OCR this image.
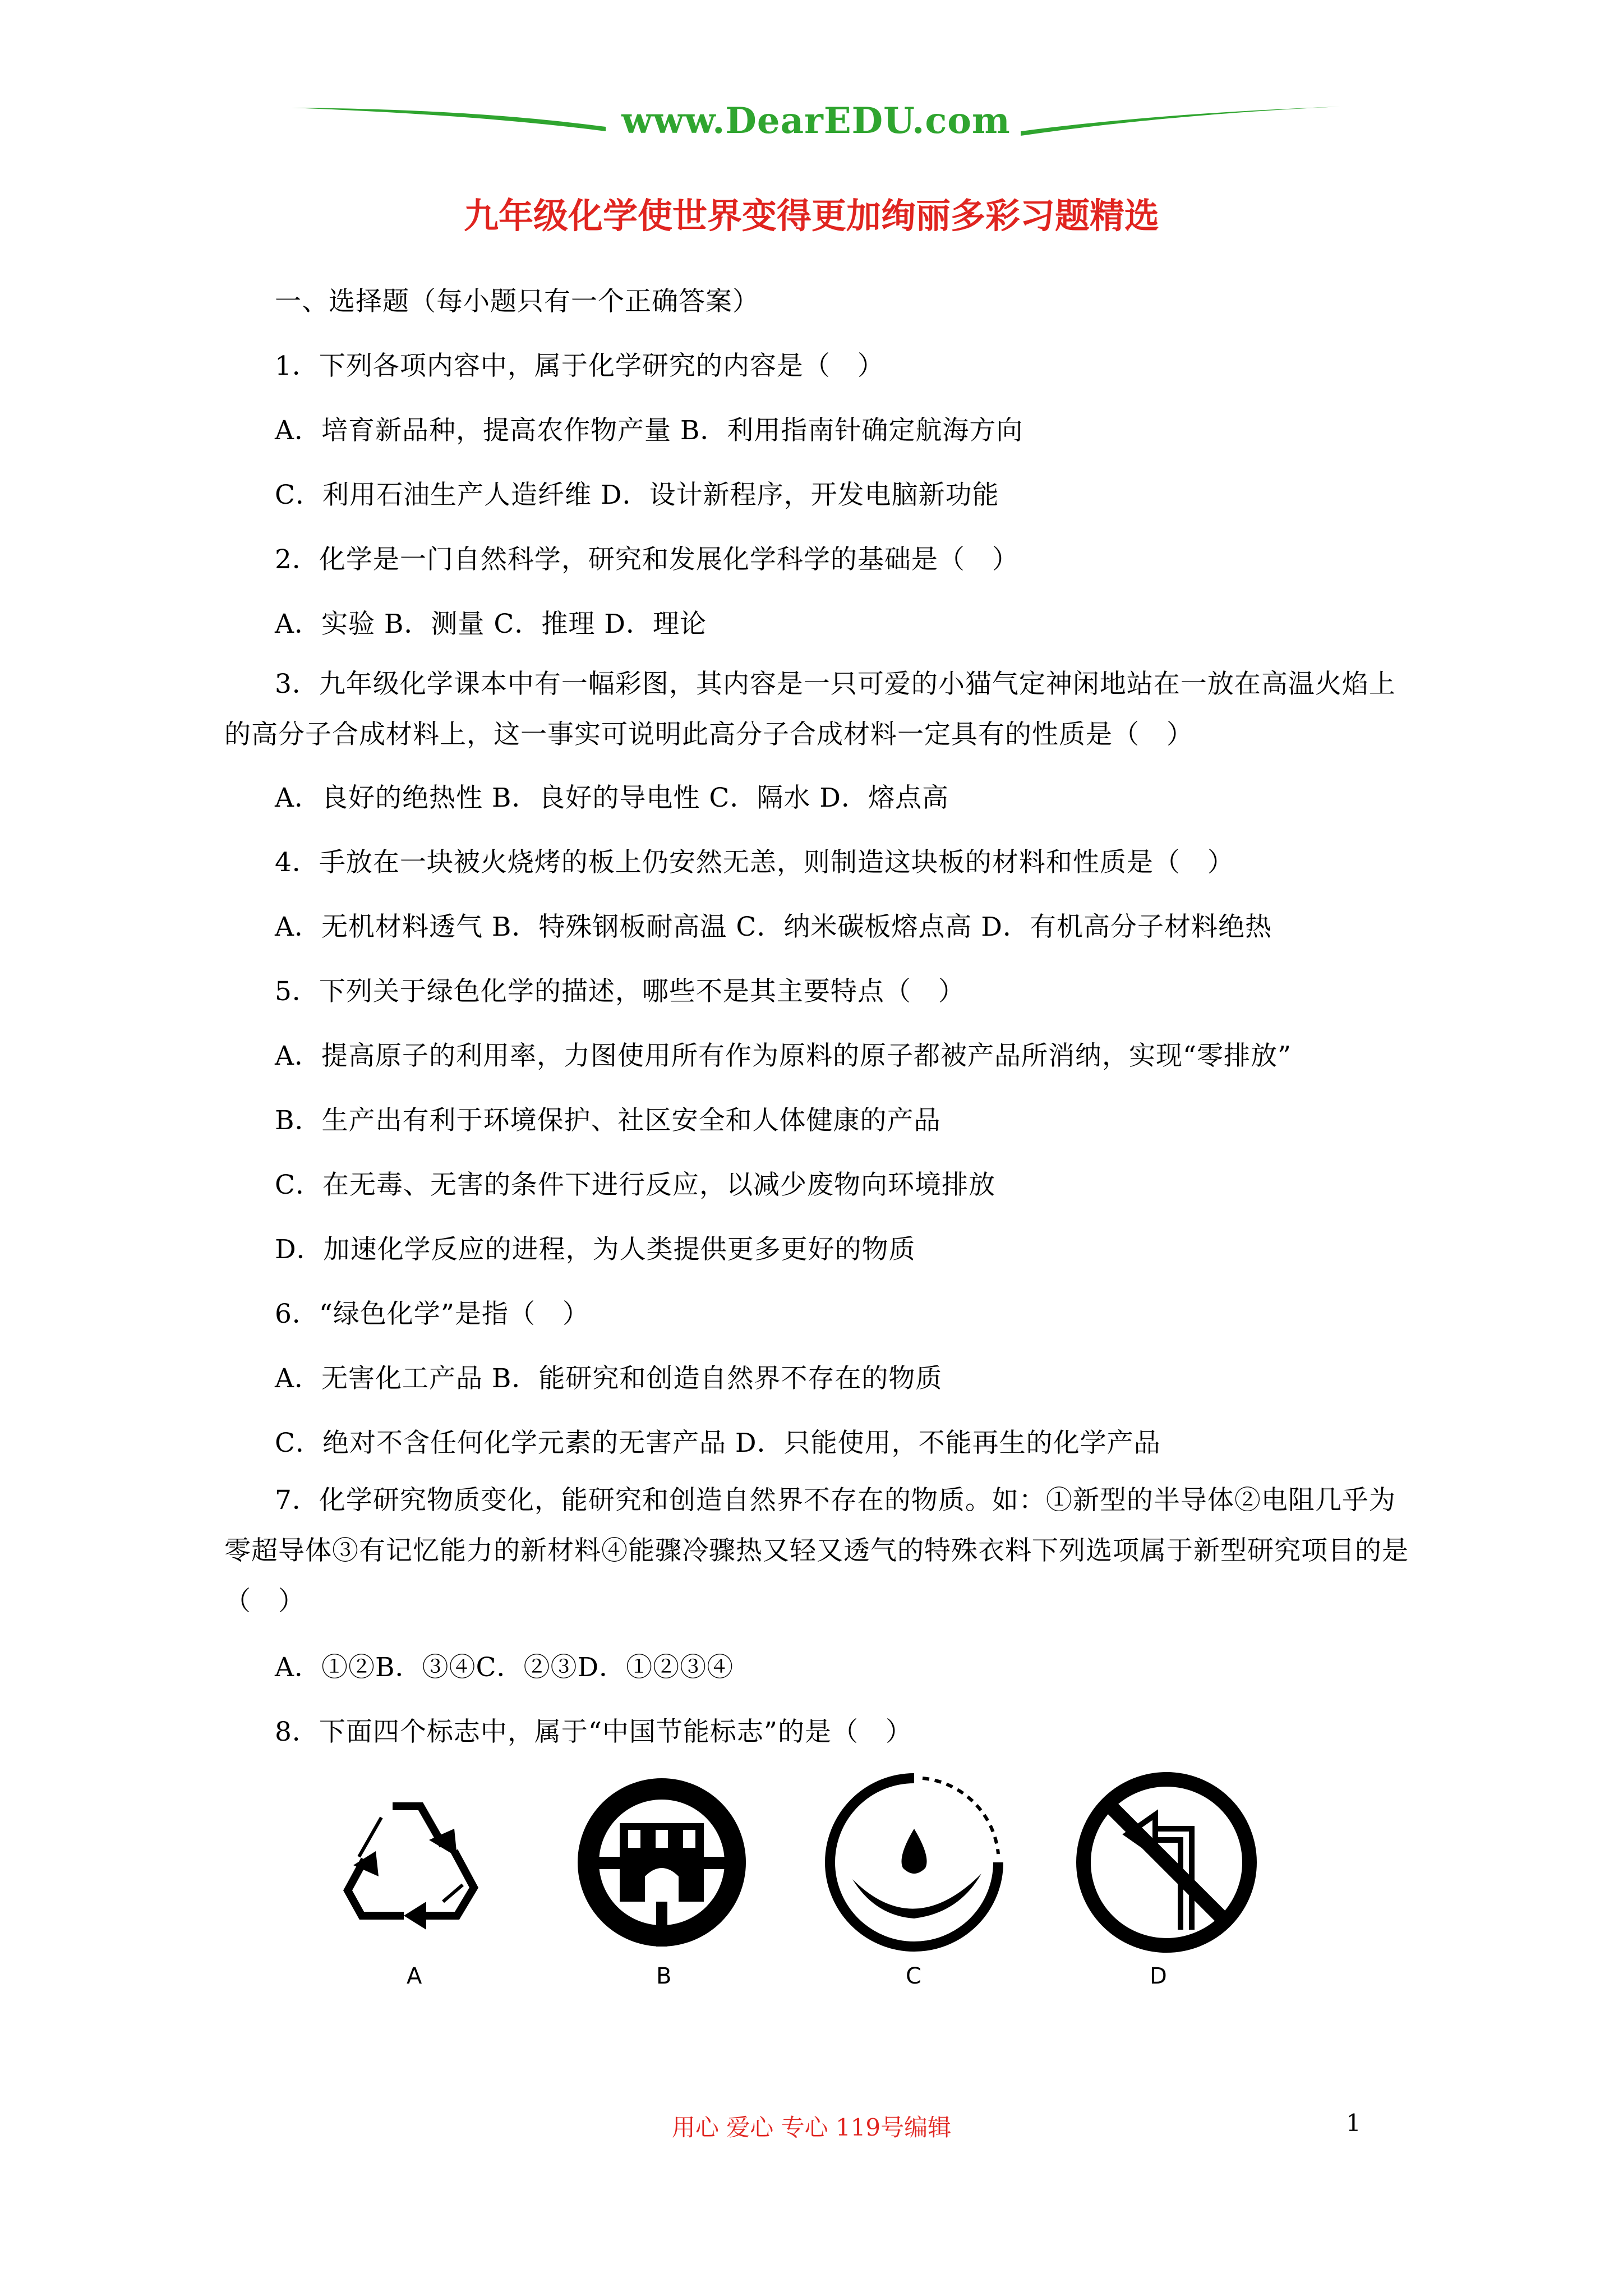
www.DearEDU.com
九年级化学使世界变得更加绚丽多彩习题精选
一、选择题（每小题只有一个正确答案）
1．下列各项内容中，属于化学研究的内容是（　）
A．培育新品种，提高农作物产量 B．利用指南针确定航海方向
C．利用石油生产人造纤维 D．设计新程序，开发电脑新功能
2．化学是一门自然科学，研究和发展化学科学的基础是（　）
A．实验 B．测量 C．推理 D．理论
3．九年级化学课本中有一幅彩图，其内容是一只可爱的小猫气定神闲地站在一放在高温火焰上的高分子合成材料上，这一事实可说明此高分子合成材料一定具有的性质是（　）
A．良好的绝热性 B．良好的导电性 C．隔水 D．熔点高
4．手放在一块被火烧烤的板上仍安然无恙，则制造这块板的材料和性质是（　）
A．无机材料透气 B．特殊钢板耐高温 C．纳米碳板熔点高 D．有机高分子材料绝热
5．下列关于绿色化学的描述，哪些不是其主要特点（　）
A．提高原子的利用率，力图使用所有作为原料的原子都被产品所消纳，实现“零排放”
B．生产出有利于环境保护、社区安全和人体健康的产品
C．在无毒、无害的条件下进行反应，以减少废物向环境排放
D．加速化学反应的进程，为人类提供更多更好的物质
6．“绿色化学”是指（　）
A．无害化工产品 B．能研究和创造自然界不存在的物质
C．绝对不含任何化学元素的无害产品 D．只能使用，不能再生的化学产品
7．化学研究物质变化，能研究和创造自然界不存在的物质。如：①新型的半导体②电阻几乎为零超导体③有记忆能力的新材料④能骤冷骤热又轻又透气的特殊衣料下列选项属于新型研究项目的是（　）
A．①②B．③④C．②③D．①②③④
8．下面四个标志中，属于“中国节能标志”的是（　）
A	B	C	D
用心 爱心 专心 119号编辑	1
